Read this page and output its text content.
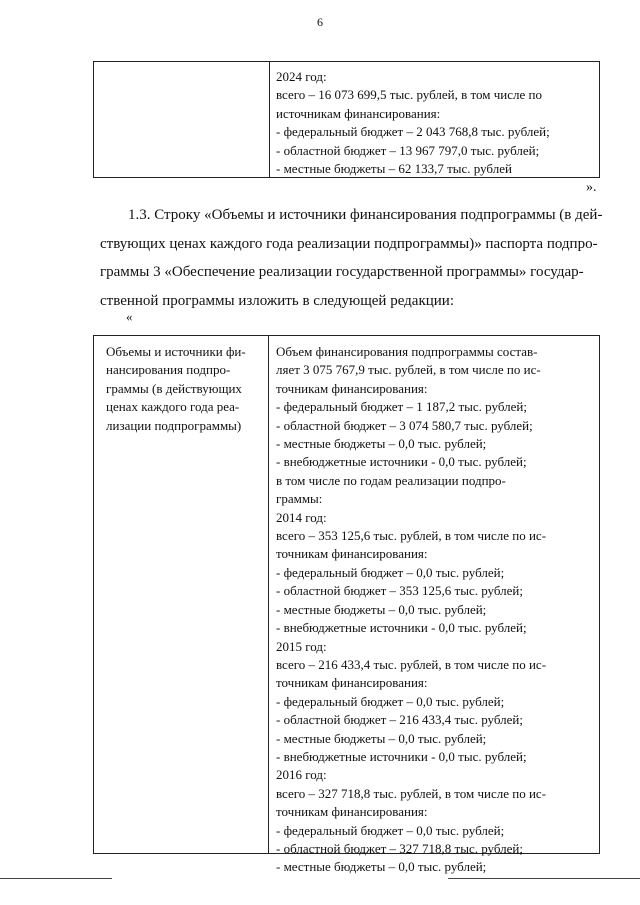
6
2024 год:
всего – 16 073 699,5 тыс. рублей, в том числе по
источникам финансирования:
- федеральный бюджет – 2 043 768,8 тыс. рублей;
- областной бюджет – 13 967 797,0 тыс. рублей;
- местные бюджеты – 62 133,7 тыс. рублей
».

1.3. Строку «Объемы и источники финансирования подпрограммы (в дей-

ствующих ценах каждого года реализации подпрограммы)» паспорта подпро-

граммы 3 «Обеспечение реализации государственной программы» государ-

ственной программы изложить в следующей редакции:

«
Объемы и источники фи-
нансирования подпро-
граммы (в действующих
ценах каждого года реа-
лизации подпрограммы)
Объем финансирования подпрограммы состав-
ляет 3 075 767,9 тыс. рублей, в том числе по ис-
точникам финансирования:
- федеральный бюджет – 1 187,2 тыс. рублей;
- областной бюджет – 3 074 580,7 тыс. рублей;
- местные бюджеты – 0,0 тыс. рублей;
- внебюджетные источники - 0,0 тыс. рублей;
в том числе по годам реализации подпро-
граммы:
2014 год:
всего – 353 125,6 тыс. рублей, в том числе по ис-
точникам финансирования:
- федеральный бюджет – 0,0 тыс. рублей;
- областной бюджет – 353 125,6 тыс. рублей;
- местные бюджеты – 0,0 тыс. рублей;
- внебюджетные источники - 0,0 тыс. рублей;
2015 год:
всего – 216 433,4 тыс. рублей, в том числе по ис-
точникам финансирования:
- федеральный бюджет – 0,0 тыс. рублей;
- областной бюджет – 216 433,4 тыс. рублей;
- местные бюджеты – 0,0 тыс. рублей;
- внебюджетные источники - 0,0 тыс. рублей;
2016 год:
всего – 327 718,8 тыс. рублей, в том числе по ис-
точникам финансирования:
- федеральный бюджет – 0,0 тыс. рублей;
- областной бюджет – 327 718,8 тыс. рублей;
- местные бюджеты – 0,0 тыс. рублей;
